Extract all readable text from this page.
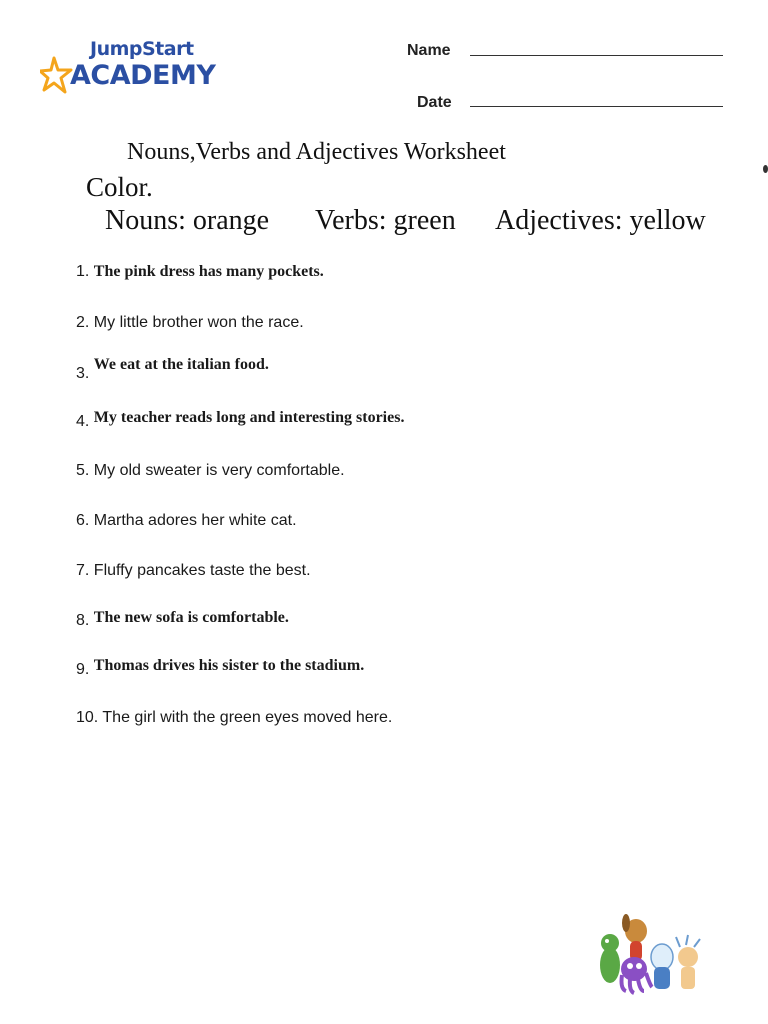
JumpStart
ACADEMY
Name
Date
Nouns,Verbs and Adjectives Worksheet
Color.
Nouns: orange Verbs: green Adjectives: yellow
1. The pink dress has many pockets.
2. My little brother won the race.
3. We eat at the italian food.
4. My teacher reads long and interesting stories.
5. My old sweater is very comfortable.
6. Martha adores her white cat.
7. Fluffy pancakes taste the best.
8. The new sofa is comfortable.
9. Thomas drives his sister to the stadium.
10. The girl with the green eyes moved here.
